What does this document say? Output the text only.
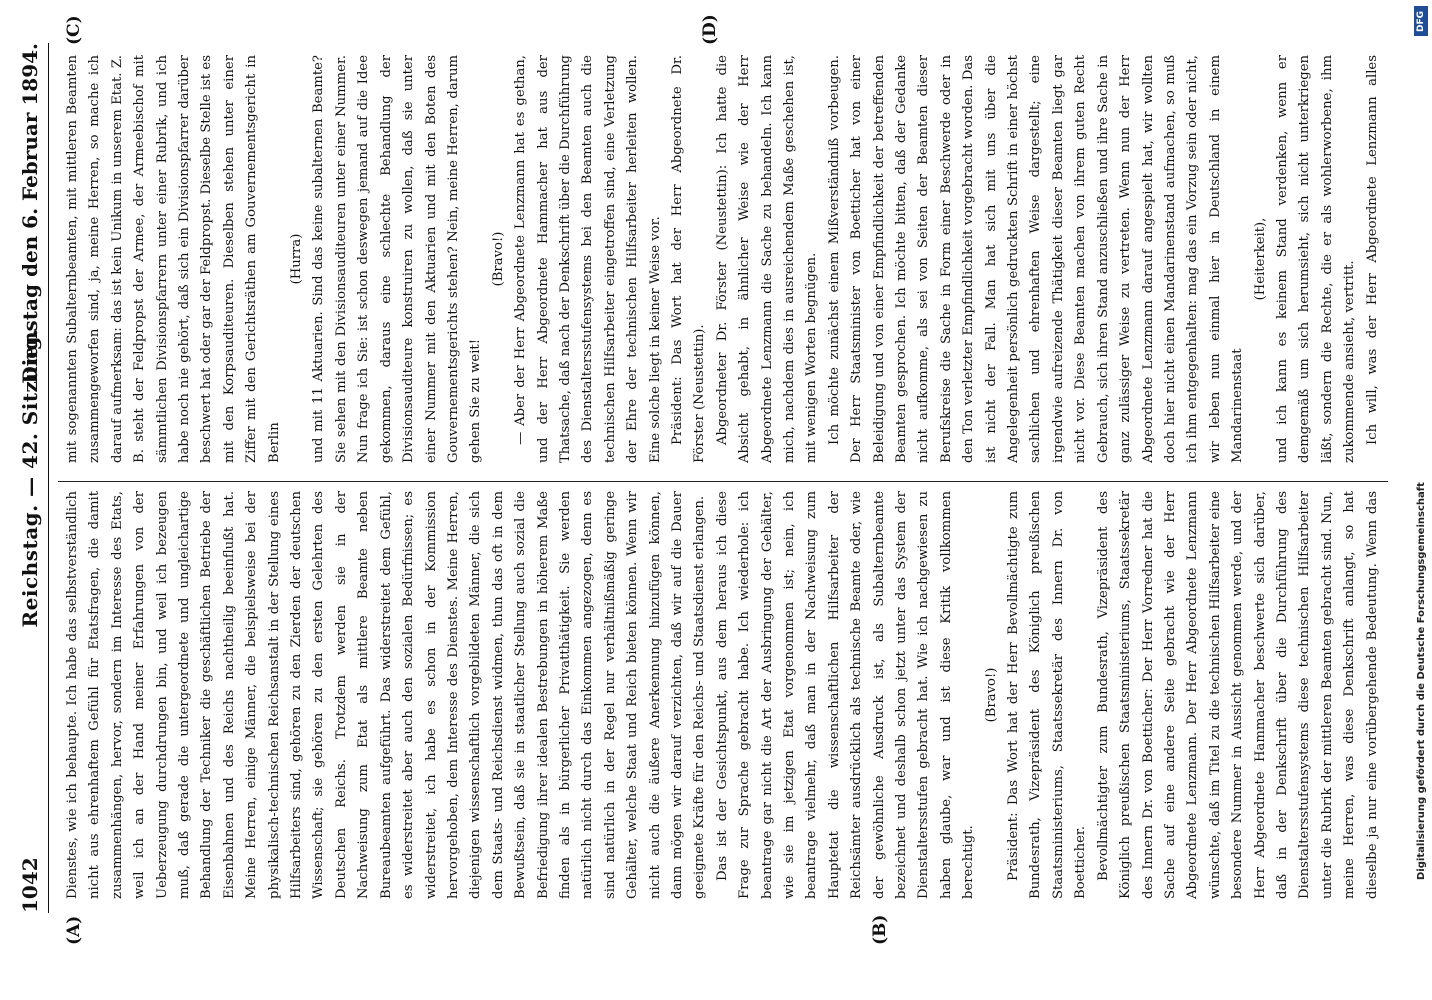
1042
Reichstag. — 42. Sitzung.
Dienstag den 6. Februar 1894.
(A)	(B)
(C)	(D)

Dienstes, wie ich behaupte. Ich habe das selbstverständlich nicht aus ehrenhaftem Gefühl für Etatsfragen, die damit zusammenhängen, hervor, sondern im Interesse des Etats, weil ich an der Hand meiner Erfahrungen von der Ueberzeugung durchdrungen bin, und weil ich bezeugen muß, daß gerade die untergeordnete und ungleichartige Behandlung der Techniker die geschäftlichen Betriebe der Eisenbahnen und des Reichs nachtheilig beeinflußt hat. Meine Herren, einige Männer, die beispielsweise bei der physikalisch-technischen Reichsanstalt in der Stellung eines Hilfsarbeiters sind, gehören zu den Zierden der deutschen Wissenschaft; sie gehören zu den ersten Gelehrten des Deutschen Reichs. Trotzdem werden sie in der Nachweisung zum Etat als mittlere Beamte neben Bureaubeamten aufgeführt. Das widerstreitet dem Gefühl, es widerstreitet aber auch den sozialen Bedürfnissen; es widerstreitet, ich habe es schon in der Kommission hervorgehoben, dem Interesse des Dienstes. Meine Herren, diejenigen wissenschaftlich vorgebildeten Männer, die sich dem Staats- und Reichsdienst widmen, thun das oft in dem Bewußtsein, daß sie in staatlicher Stellung auch sozial die Befriedigung ihrer idealen Bestrebungen in höherem Maße finden als in bürgerlicher Privatthätigkeit. Sie werden natürlich nicht durch das Einkommen angezogen, denn es sind natürlich in der Regel nur verhältnißmäßig geringe Gehälter, welche Staat und Reich bieten können. Wenn wir nicht auch die äußere Anerkennung hinzufügen können, dann mögen wir darauf verzichten, daß wir auf die Dauer geeignete Kräfte für den Reichs- und Staatsdienst erlangen. Das ist der Gesichtspunkt, aus dem heraus ich diese Frage zur Sprache gebracht habe. Ich wiederhole: ich beantrage gar nicht die Art der Ausbringung der Gehälter, wie sie im jetzigen Etat vorgenommen ist; nein, ich beantrage vielmehr, daß man in der Nachweisung zum Hauptetat die wissenschaftlichen Hilfsarbeiter der Reichsämter ausdrücklich als technische Beamte oder, wie der gewöhnliche Ausdruck ist, als Subalternbeamte bezeichnet und deshalb schon jetzt unter das System der Dienstaltersstufen gebracht hat. Wie ich nachgewiesen zu haben glaube, war und ist diese Kritik vollkommen berechtigt.

(Bravo!) Präsident: Das Wort hat der Herr Bevollmächtigte zum Bundesrath, Vizepräsident des Königlich preußischen Staatsministeriums, Staatssekretär des Innern Dr. von Boetticher. Bevollmächtigter zum Bundesrath, Vizepräsident des Königlich preußischen Staatsministeriums, Staatssekretär des Innern Dr. von Boetticher: Der Herr Vorredner hat die Sache auf eine andere Seite gebracht wie der Herr Abgeordnete Lenzmann. Der Herr Abgeordnete Lenzmann wünschte, daß im Titel zu die technischen Hilfsarbeiter eine besondere Nummer in Aussicht genommen werde, und der Herr Abgeordnete Hammacher beschwerte sich darüber, daß in der Denkschrift über die Durchführung des Dienstaltersstufensystems diese technischen Hilfsarbeiter unter die Rubrik der mittleren Beamten gebracht sind. Nun, meine Herren, was diese Denkschrift anlangt, so hat dieselbe ja nur eine vorübergehende Bedeutung. Wenn das

mit sogenannten Subalternbeamten, mit mittleren Beamten zusammengeworfen sind, ja, meine Herren, so mache ich darauf aufmerksam: das ist kein Unikum in unserem Etat. Z. B. steht der Feldpropst der Armee, der Armeebischof mit sämmtlichen Divisionspfarrern unter einer Rubrik, und ich habe noch nie gehört, daß sich ein Divisionspfarrer darüber beschwert hat oder gar der Feldpropst. Dieselbe Stelle ist es mit den Korpsauditeuren. Dieselben stehen unter einer Ziffer mit den Gerichtsräthen am Gouvernementsgericht in Berlin

(Hurra) und mit 11 Aktuarien. Sind das keine subalternen Beamte? Sie sehen mit den Divisionsauditeuren unter einer Nummer. Nun frage ich Sie: ist schon deswegen jemand auf die Idee gekommen, daraus eine schlechte Behandlung der Divisionsauditeure konstruiren zu wollen, daß sie unter einer Nummer mit den Aktuarien und mit den Boten des Gouvernementsgerichts stehen? Nein, meine Herren, darum gehen Sie zu weit!

(Bravo!) — Aber der Herr Abgeordnete Lenzmann hat es gethan, und der Herr Abgeordnete Hammacher hat aus der Thatsache, daß nach der Denkschrift über die Durchführung des Dienstaltersstufensystems bei den Beamten auch die technischen Hilfsarbeiter eingetroffen sind, eine Verletzung der Ehre der technischen Hilfsarbeiter herleiten wollen. Eine solche liegt in keiner Weise vor. Präsident: Das Wort hat der Herr Abgeordnete Dr. Förster (Neustettin). Abgeordneter Dr. Förster (Neustettin): Ich hatte die Absicht gehabt, in ähnlicher Weise wie der Herr Abgeordnete Lenzmann die Sache zu behandeln. Ich kann mich, nachdem dies in ausreichendem Maße geschehen ist, mit wenigen Worten begnügen. Ich möchte zunächst einem Mißverständniß vorbeugen. Der Herr Staatsminister von Boetticher hat von einer Beleidigung und von einer Empfindlichkeit der betreffenden Beamten gesprochen. Ich möchte bitten, daß der Gedanke nicht aufkomme, als sei von Seiten der Beamten dieser Berufskreise die Sache in Form einer Beschwerde oder in den Ton verletzter Empfindlichkeit vorgebracht worden. Das ist nicht der Fall. Man hat sich mit uns über die Angelegenheit persönlich gedruckten Schrift in einer höchst sachlichen und ehrenhaften Weise dargestellt; eine irgendwie aufreizende Thätigkeit dieser Beamten liegt gar nicht vor. Diese Beamten machen von ihrem guten Recht Gebrauch, sich ihren Stand anzuschließen und ihre Sache in ganz zulässiger Weise zu vertreten. Wenn nun der Herr Abgeordnete Lenzmann darauf angespielt hat, wir wollten doch hier nicht einen Mandarinenstand aufmachen, so muß ich ihm entgegenhalten: mag das ein Vorzug sein oder nicht, wir leben nun einmal hier in Deutschland in einem Mandarinenstaat

(Heiterkeit), und ich kann es keinem Stand verdenken, wenn er demgemäß um sich herumsieht, sich nicht unterkriegen läßt, sondern die Rechte, die er als wohlerworbene, ihm zukommende ansieht, vertritt. Ich will, was der Herr Abgeordnete Lenzmann alles

DFG
Digitalisierung gefördert durch die Deutsche Forschungsgemeinschaft
